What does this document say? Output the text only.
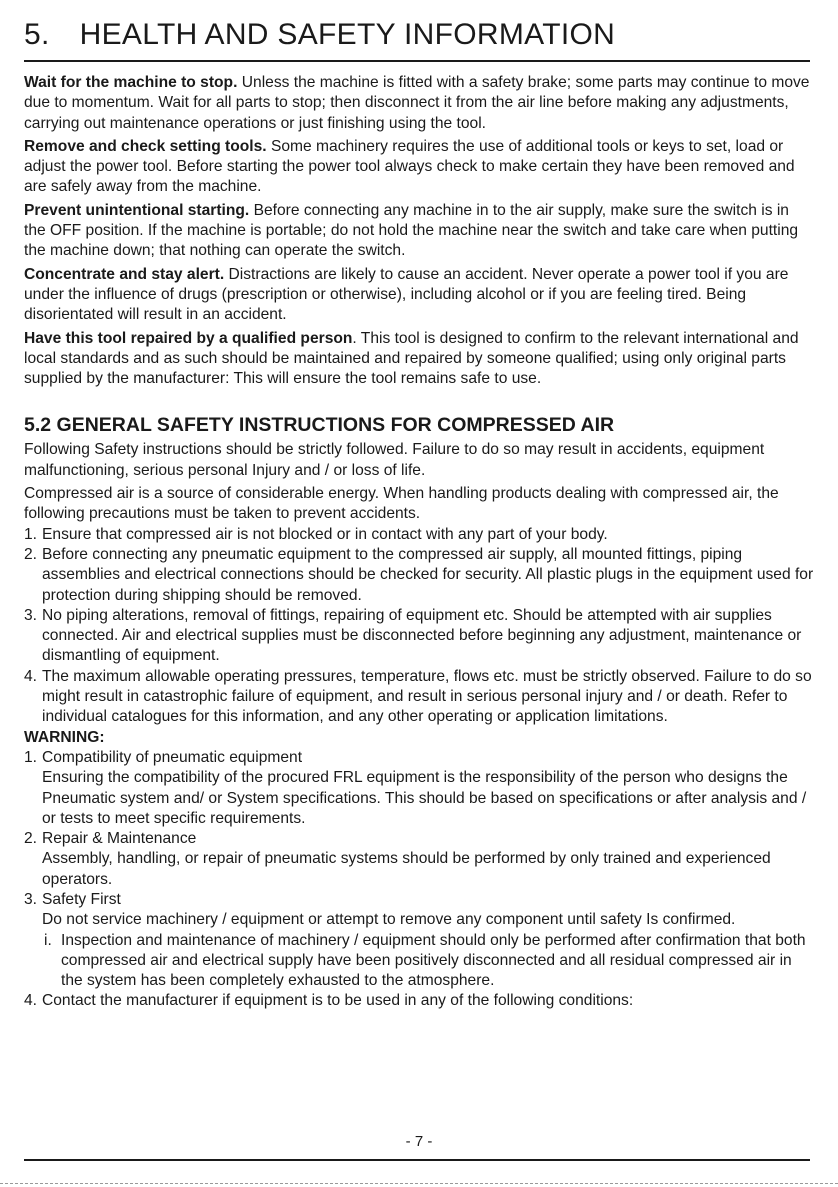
5. HEALTH AND SAFETY INFORMATION

Wait for the machine to stop. Unless the machine is fitted with a safety brake; some parts may continue to move due to momentum. Wait for all parts to stop; then disconnect it from the air line before making any adjustments, carrying out maintenance operations or just finishing using the tool.

Remove and check setting tools. Some machinery requires the use of additional tools or keys to set, load or adjust the power tool. Before starting the power tool always check to make certain they have been removed and are safely away from the machine.

Prevent unintentional starting. Before connecting any machine in to the air supply, make sure the switch is in the OFF position. If the machine is portable; do not hold the machine near the switch and take care when putting the machine down; that nothing can operate the switch.

Concentrate and stay alert. Distractions are likely to cause an accident. Never operate a power tool if you are under the influence of drugs (prescription or otherwise), including alcohol or if you are feeling tired. Being disorientated will result in an accident.

Have this tool repaired by a qualified person. This tool is designed to confirm to the relevant international and local standards and as such should be maintained and repaired by someone qualified; using only original parts supplied by the manufacturer: This will ensure the tool remains safe to use.

5.2 GENERAL SAFETY INSTRUCTIONS FOR COMPRESSED AIR

Following Safety instructions should be strictly followed. Failure to do so may result in accidents, equipment malfunctioning, serious personal Injury and / or loss of life.

Compressed air is a source of considerable energy. When handling products dealing with compressed air, the following precautions must be taken to prevent accidents.

1. Ensure that compressed air is not blocked or in contact with any part of your body.
2. Before connecting any pneumatic equipment to the compressed air supply, all mounted fittings, piping assemblies and electrical connections should be checked for security. All plastic plugs in the equipment used for protection during shipping should be removed.
3. No piping alterations, removal of fittings, repairing of equipment etc. Should be attempted with air supplies connected. Air and electrical supplies must be disconnected before beginning any adjustment, maintenance or dismantling of equipment.
4. The maximum allowable operating pressures, temperature, flows etc. must be strictly observed. Failure to do so might result in catastrophic failure of equipment, and result in serious personal injury and / or death. Refer to individual catalogues for this information, and any other operating or application limitations.
WARNING:
1. Compatibility of pneumatic equipment
Ensuring the compatibility of the procured FRL equipment is the responsibility of the person who designs the Pneumatic system and/ or System specifications. This should be based on specifications or after analysis and / or tests to meet specific requirements.
2. Repair & Maintenance
Assembly, handling, or repair of pneumatic systems should be performed by only trained and experienced operators.
3. Safety First
Do not service machinery / equipment or attempt to remove any component until safety Is confirmed.
i. Inspection and maintenance of machinery / equipment should only be performed after confirmation that both compressed air and electrical supply have been positively disconnected and all residual compressed air in the system has been completely exhausted to the atmosphere.
4. Contact the manufacturer if equipment is to be used in any of the following conditions:
- 7 -
